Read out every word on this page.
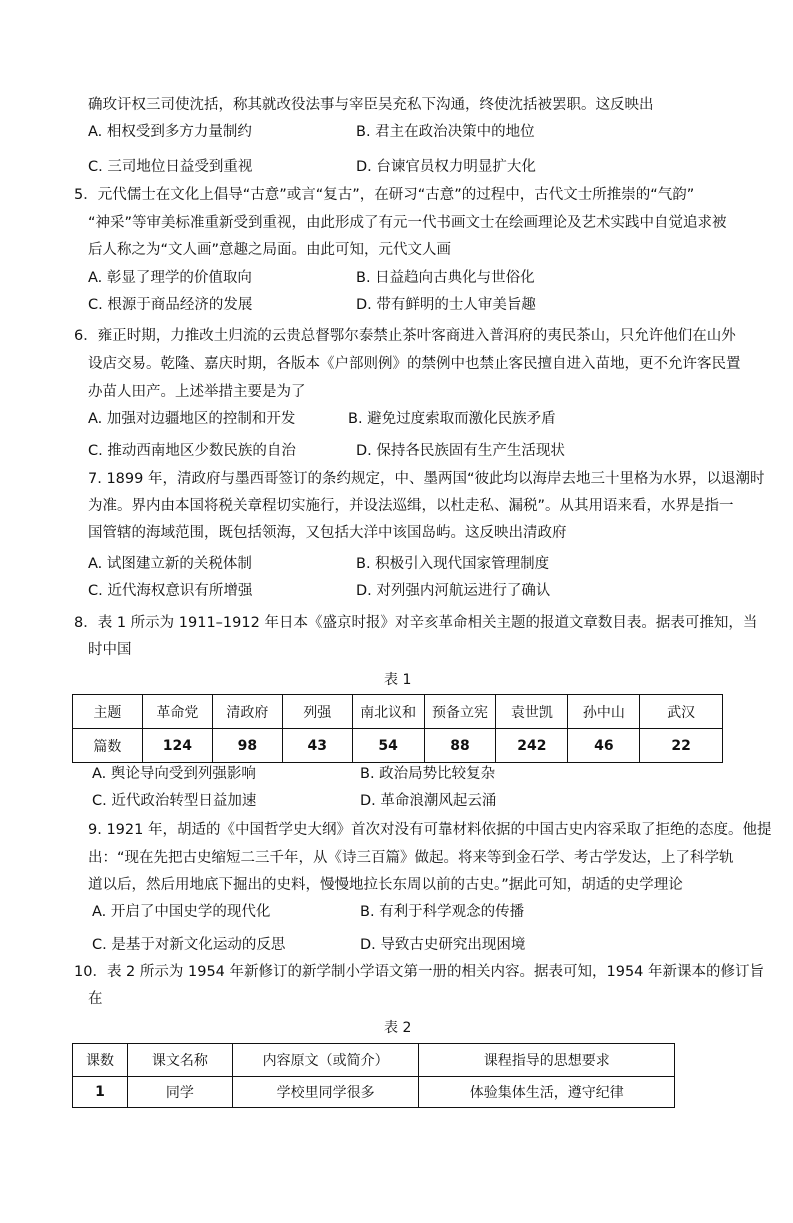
确玫讦权三司使沈括，称其就改役法事与宰臣吴充私下沟通，终使沈括被罢职。这反映出
A. 相权受到多方力量制约	B. 君主在政治决策中的地位
C. 三司地位日益受到重视	D. 台谏官员权力明显扩大化
5．元代儒士在文化上倡导“古意”或言“复古”，在研习“古意”的过程中，古代文士所推崇的“气韵”
“神采”等审美标准重新受到重视，由此形成了有元一代书画文士在绘画理论及艺术实践中自觉追求被
后人称之为“文人画”意趣之局面。由此可知，元代文人画
A. 彰显了理学的价值取向	B. 日益趋向古典化与世俗化
C. 根源于商品经济的发展	D. 带有鲜明的士人审美旨趣
6．雍正时期，力推改土归流的云贵总督鄂尔泰禁止茶叶客商进入普洱府的夷民茶山，只允许他们在山外
设店交易。乾隆、嘉庆时期，各版本《户部则例》的禁例中也禁止客民擅自进入苗地，更不允许客民置
办苗人田产。上述举措主要是为了
A. 加强对边疆地区的控制和开发	B. 避免过度索取而激化民族矛盾
C. 推动西南地区少数民族的自治	D. 保持各民族固有生产生活现状
7. 1899 年，清政府与墨西哥签订的条约规定，中、墨两国“彼此均以海岸去地三十里格为水界，以退潮时
为准。界内由本国将税关章程切实施行，并设法巡缉，以杜走私、漏税”。从其用语来看，水界是指一
国管辖的海域范围，既包括领海，又包括大洋中该国岛屿。这反映出清政府
A. 试图建立新的关税体制	B. 积极引入现代国家管理制度
C. 近代海权意识有所增强	D. 对列强内河航运进行了确认
8．表 1 所示为 1911–1912 年日本《盛京时报》对辛亥革命相关主题的报道文章数目表。据表可推知，当
时中国
表 1
主题	革命党	清政府	列强	南北议和	预备立宪	袁世凯	孙中山	武汉
篇数	124	98	43	54	88	242	46	22
A. 舆论导向受到列强影响	B. 政治局势比较复杂
C. 近代政治转型日益加速	D. 革命浪潮风起云涌
9. 1921 年，胡适的《中国哲学史大纲》首次对没有可靠材料依据的中国古史内容采取了拒绝的态度。他提
出：“现在先把古史缩短二三千年，从《诗三百篇》做起。将来等到金石学、考古学发达，上了科学轨
道以后，然后用地底下掘出的史料，慢慢地拉长东周以前的古史。”据此可知，胡适的史学理论
A. 开启了中国史学的现代化	B. 有利于科学观念的传播
C. 是基于对新文化运动的反思	D. 导致古史研究出现困境
10．表 2 所示为 1954 年新修订的新学制小学语文第一册的相关内容。据表可知，1954 年新课本的修订旨
在
表 2
课数	课文名称	内容原文（或简介）	课程指导的思想要求
1	同学	学校里同学很多	体验集体生活，遵守纪律
